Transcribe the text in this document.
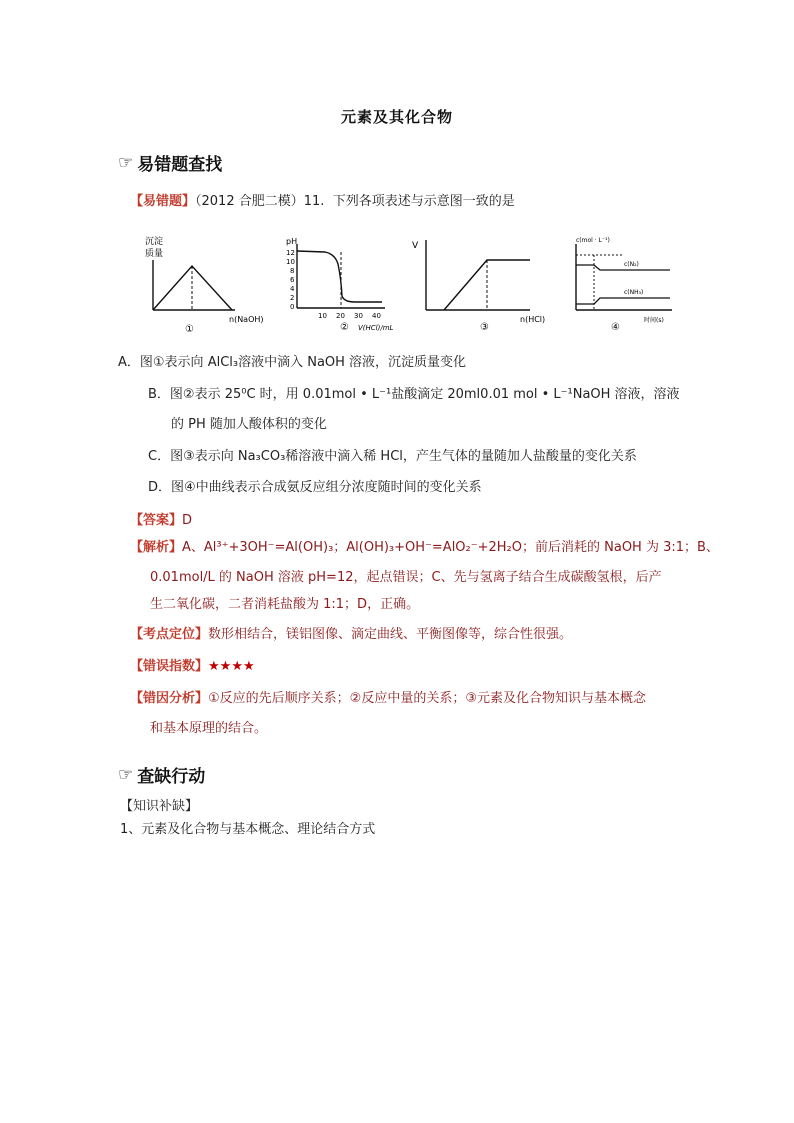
元素及其化合物
☞ 易错题查找
【易错题】（2012 合肥二模）11. 下列各项表述与示意图一致的是
沉淀
质量
n(NaOH)
①
pH
12
10
8
6
4
2
0
10 20 30 40
② V(HCl)/mL
V
③
n(HCl)
c(mol · L⁻¹)
c(N₂)
c(NH₃)
④
时间(s)
A．图①表示向 AlCl₃溶液中滴入 NaOH 溶液，沉淀质量变化
B．图②表示 25⁰C 时，用 0.01mol • L⁻¹盐酸滴定 20ml0.01 mol • L⁻¹NaOH 溶液，溶液
的 PH 随加人酸体积的变化
C．图③表示向 Na₃CO₃稀溶液中滴入稀 HCl，产生气体的量随加人盐酸量的变化关系
D．图④中曲线表示合成氨反应组分浓度随时间的变化关系
【答案】D
【解析】A、Al³⁺+3OH⁻=Al(OH)₃；Al(OH)₃+OH⁻=AlO₂⁻+2H₂O；前后消耗的 NaOH 为 3:1；B、
0.01mol/L 的 NaOH 溶液 pH=12，起点错误；C、先与氢离子结合生成碳酸氢根，后产
生二氧化碳，二者消耗盐酸为 1:1；D，正确。
【考点定位】数形相结合，镁铝图像、滴定曲线、平衡图像等，综合性很强。
【错误指数】★★★★
【错因分析】①反应的先后顺序关系；②反应中量的关系；③元素及化合物知识与基本概念
和基本原理的结合。
☞ 查缺行动
【知识补缺】
1、元素及化合物与基本概念、理论结合方式
